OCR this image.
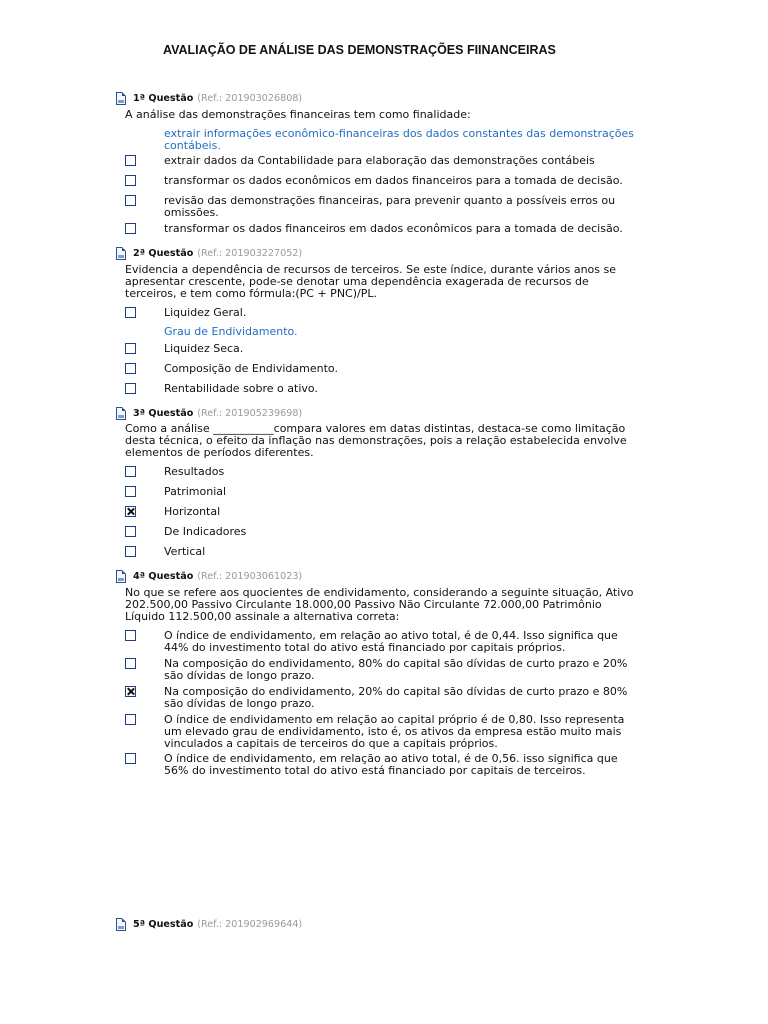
AVALIAÇÃO DE ANÁLISE DAS DEMONSTRAÇÕES FIINANCEIRAS
1ª Questão (Ref.: 201903026808)
A análise das demonstrações financeiras tem como finalidade:
extrair informações econômico-financeiras dos dados constantes das demonstrações contábeis.
extrair dados da Contabilidade para elaboração das demonstrações contábeis
transformar os dados econômicos em dados financeiros para a tomada de decisão.
revisão das demonstrações financeiras, para prevenir quanto a possíveis erros ou omissões.
transformar os dados financeiros em dados econômicos para a tomada de decisão.
2ª Questão (Ref.: 201903227052)
Evidencia a dependência de recursos de terceiros. Se este índice, durante vários anos se apresentar crescente, pode-se denotar uma dependência exagerada de recursos de terceiros, e tem como fórmula:(PC + PNC)/PL.
Liquidez Geral.
Grau de Endividamento.
Liquidez Seca.
Composição de Endividamento.
Rentabilidade sobre o ativo.
3ª Questão (Ref.: 201905239698)
Como a análise ___________compara valores em datas distintas, destaca-se como limitação desta técnica, o efeito da inflação nas demonstrações, pois a relação estabelecida envolve elementos de períodos diferentes.
Resultados
Patrimonial
Horizontal
De Indicadores
Vertical
4ª Questão (Ref.: 201903061023)
No que se refere aos quocientes de endividamento, considerando a seguinte situação, Ativo 202.500,00 Passivo Circulante 18.000,00 Passivo Não Circulante 72.000,00 Patrimônio Líquido 112.500,00 assinale a alternativa correta:
O índice de endividamento, em relação ao ativo total, é de 0,44. Isso significa que 44% do investimento total do ativo está financiado por capitais próprios.
Na composição do endividamento, 80% do capital são dívidas de curto prazo e 20% são dívidas de longo prazo.
Na composição do endividamento, 20% do capital são dívidas de curto prazo e 80% são dívidas de longo prazo.
O índice de endividamento em relação ao capital próprio é de 0,80. Isso representa um elevado grau de endividamento, isto é, os ativos da empresa estão muito mais vinculados a capitais de terceiros do que a capitais próprios.
O índice de endividamento, em relação ao ativo total, é de 0,56. isso significa que 56% do investimento total do ativo está financiado por capitais de terceiros.
5ª Questão (Ref.: 201902969644)
